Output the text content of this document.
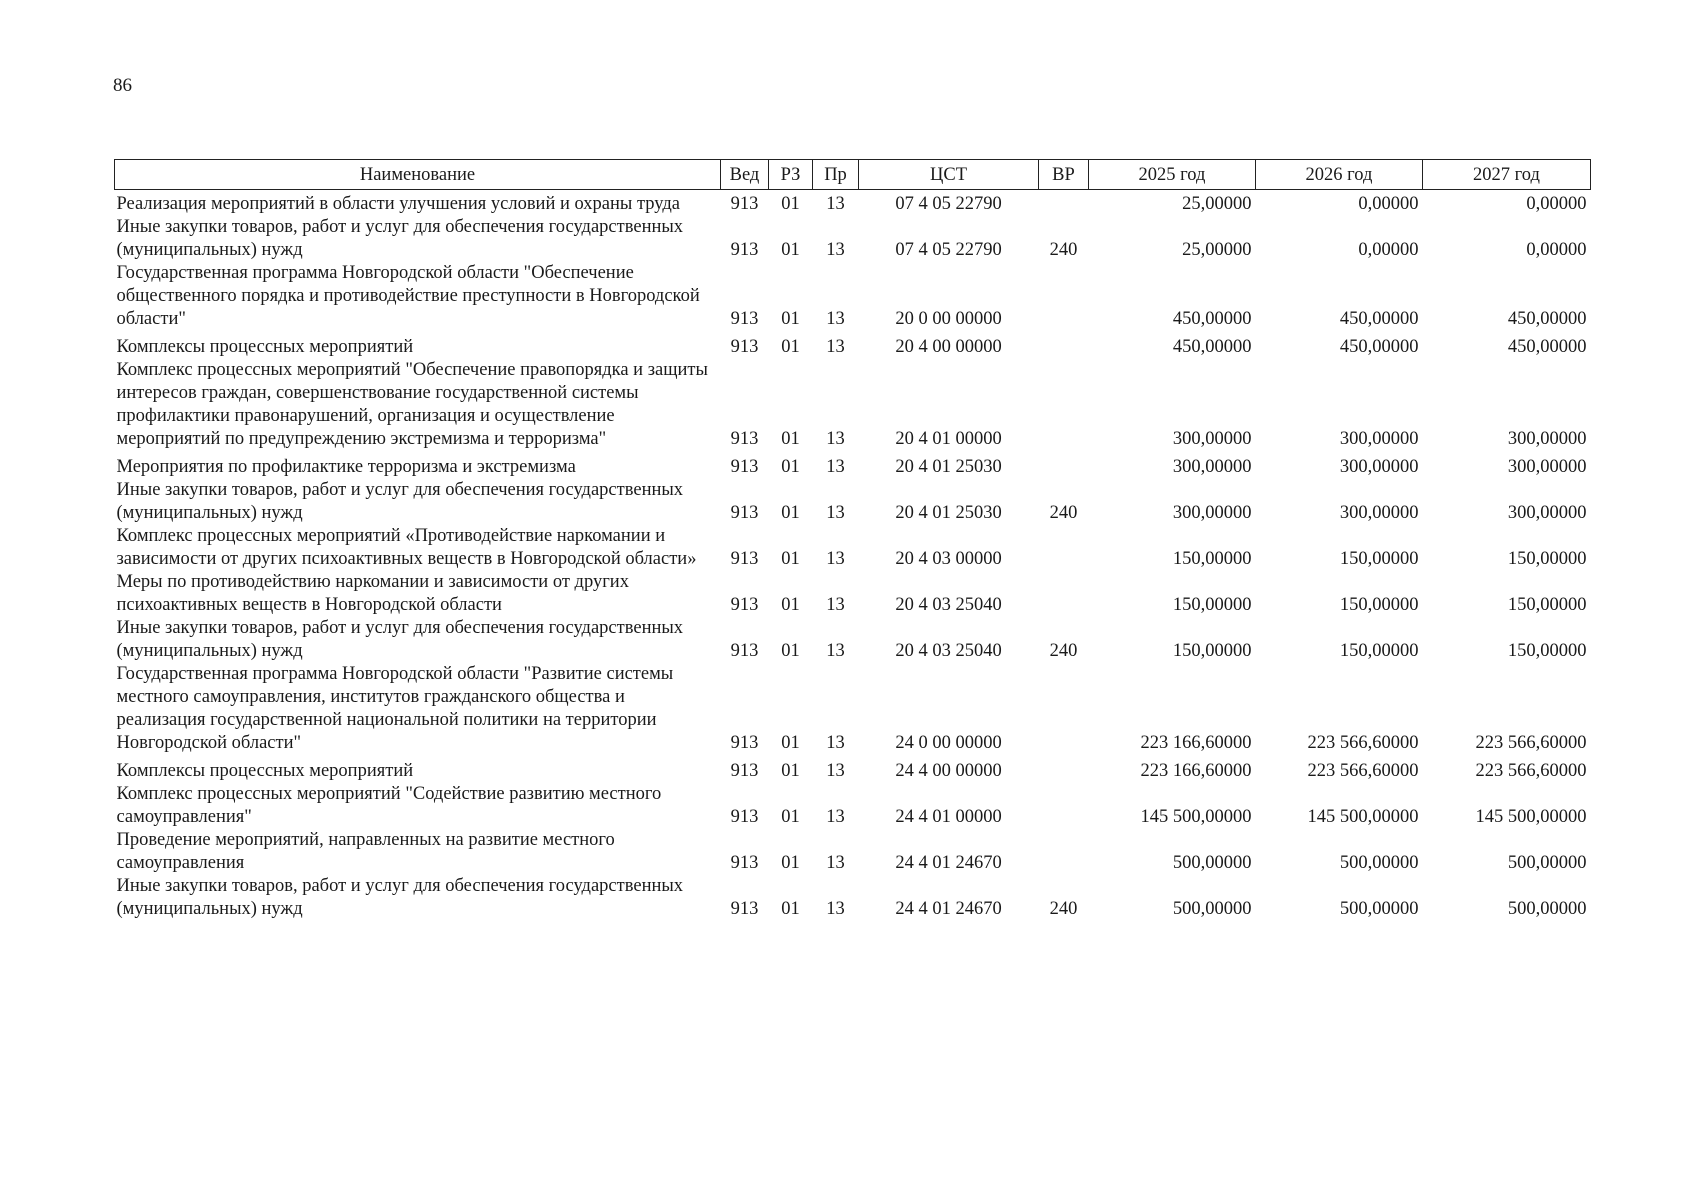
86
Наименование	Вед	РЗ	Пр	ЦСТ	ВР	2025 год	2026 год	2027 год
Реализация мероприятий в области улучшения условий и охраны труда	913	01	13	07 4 05 22790		25,00000	0,00000	0,00000
Иные закупки товаров, работ и услуг для обеспечения государственных (муниципальных) нужд	913	01	13	07 4 05 22790	240	25,00000	0,00000	0,00000
Государственная программа Новгородской области "Обеспечение общественного порядка и противодействие преступности в Новгородской области"	913	01	13	20 0 00 00000		450,00000	450,00000	450,00000
Комплексы процессных мероприятий	913	01	13	20 4 00 00000		450,00000	450,00000	450,00000
Комплекс процессных мероприятий "Обеспечение правопорядка и защиты интересов граждан, совершенствование государственной системы профилактики правонарушений, организация и осуществление мероприятий по предупреждению экстремизма и терроризма"	913	01	13	20 4 01 00000		300,00000	300,00000	300,00000
Мероприятия по профилактике терроризма и экстремизма	913	01	13	20 4 01 25030		300,00000	300,00000	300,00000
Иные закупки товаров, работ и услуг для обеспечения государственных (муниципальных) нужд	913	01	13	20 4 01 25030	240	300,00000	300,00000	300,00000
Комплекс процессных мероприятий «Противодействие наркомании и зависимости от других психоактивных веществ в Новгородской области»	913	01	13	20 4 03 00000		150,00000	150,00000	150,00000
Меры по противодействию наркомании и зависимости от других психоактивных веществ в Новгородской области	913	01	13	20 4 03 25040		150,00000	150,00000	150,00000
Иные закупки товаров, работ и услуг для обеспечения государственных (муниципальных) нужд	913	01	13	20 4 03 25040	240	150,00000	150,00000	150,00000
Государственная программа Новгородской области "Развитие системы местного самоуправления, институтов гражданского общества и реализация государственной национальной политики на территории Новгородской области"	913	01	13	24 0 00 00000		223 166,60000	223 566,60000	223 566,60000
Комплексы процессных мероприятий	913	01	13	24 4 00 00000		223 166,60000	223 566,60000	223 566,60000
Комплекс процессных мероприятий "Содействие развитию местного самоуправления"	913	01	13	24 4 01 00000		145 500,00000	145 500,00000	145 500,00000
Проведение мероприятий, направленных на развитие местного самоуправления	913	01	13	24 4 01 24670		500,00000	500,00000	500,00000
Иные закупки товаров, работ и услуг для обеспечения государственных (муниципальных) нужд	913	01	13	24 4 01 24670	240	500,00000	500,00000	500,00000
